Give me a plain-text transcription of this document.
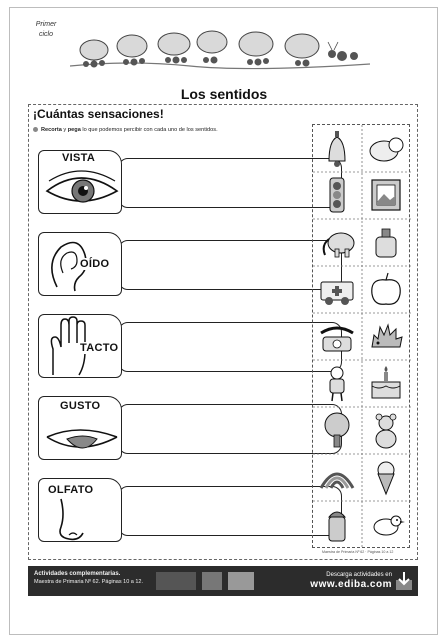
Primer
ciclo
Los sentidos
¡Cuántas sensaciones!
Recorta y pega lo que podemos percibir con cada uno de los sentidos.
VISTA
OÍDO
TACTO
GUSTO
OLFATO
Maestra de Primaria Nº 62 · Páginas 10 a 12
Actividades complementarias.
Maestra de Primaria Nº 62. Páginas 10 a 12.
Descarga actividades en
www.ediba.com
